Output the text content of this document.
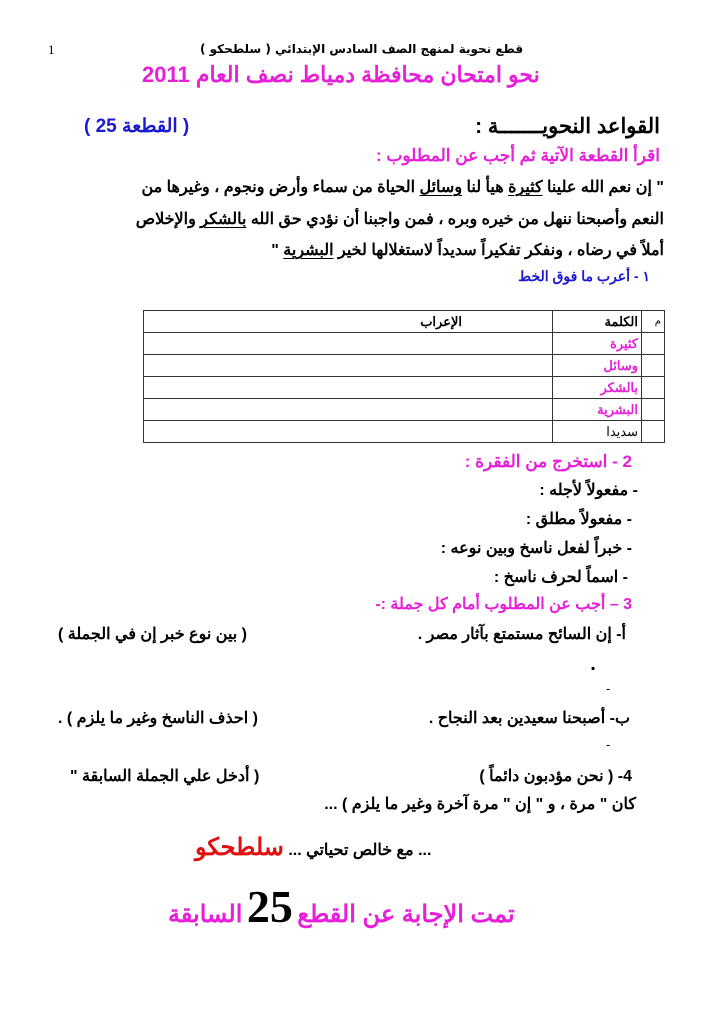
1	قطع نحوية لمنهج الصف السادس الإبتدائي ( سلطحكو )
نحو امتحان محافظة دمياط نصف العام 2011
القواعد النحويـــــــة :
( القطعة 25 )
اقرأ القطعة الآتية ثم أجب عن المطلوب :
" إن نعم الله علينا كثيرة هيأ لنا وسائل الحياة من سماء وأرض ونجوم ، وغيرها من
النعم وأصبحنا ننهل من خيره وبره ، فمن واجبنا أن نؤدي حق الله بالشكر والإخلاص
أملاً في رضاه ، ونفكر تفكيراً سديداً لاستغلالها لخير البشرية "
١ - أعرب ما فوق الخط
م	الكلمة	الإعراب
	كثيرة	
	وسائل	
	بالشكر	
	البشرية	
	سديدا	
2 - استخرج من الفقرة :
- مفعولاً لأجله :
- مفعولاً مطلق :
- خبراً لفعل ناسخ وبين نوعه :
- اسماً لحرف ناسخ :
3 – أجب عن المطلوب أمام كل جملة :-
أ- إن السائح مستمتع بآثار مصر .
( بين نوع خبر إن في الجملة )
.
-
ب- أصبحنا سعيدين بعد النجاح .
( احذف الناسخ وغير ما يلزم ) .
-
4- ( نحن مؤدبون دائماً )
( أدخل علي الجملة السابقة "
كان " مرة ، و " إن " مرة آخرة وغير ما يلزم ) ...
... مع خالص تحياتي ... سلطحكو
تمت الإجابة عن القطع 25 السابقة
